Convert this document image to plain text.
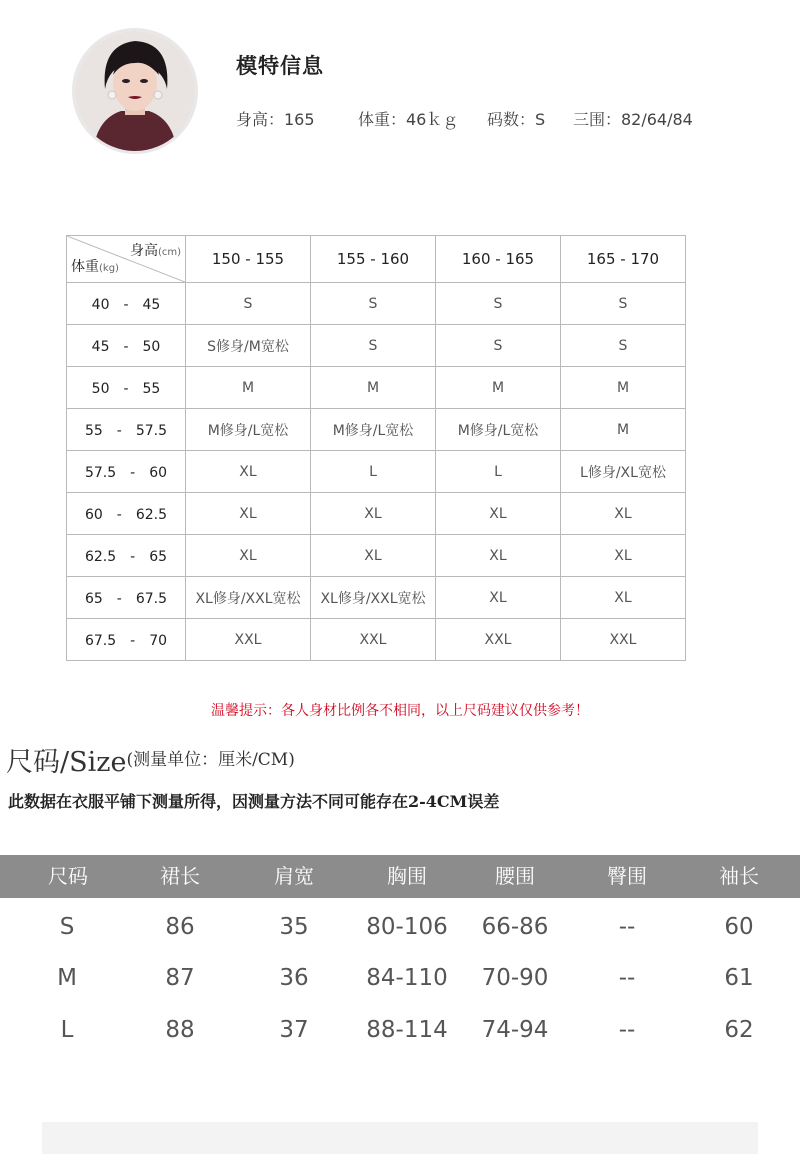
模特信息
身高：165	体重：46ｋｇ 码数：S 三围：82/64/84
身高(cm)
体重(kg)	150 - 155	155 - 160	160 - 165	165 - 170
40　-　45	S	S	S	S
45　-　50	S修身/M宽松	S	S	S
50　-　55	M	M	M	M
55　-　57.5	M修身/L宽松	M修身/L宽松	M修身/L宽松	M
57.5　-　60	XL	L	L	L修身/XL宽松
60　-　62.5	XL	XL	XL	XL
62.5　-　65	XL	XL	XL	XL
65　-　67.5	XL修身/XXL宽松	XL修身/XXL宽松	XL	XL
67.5　-　70	XXL	XXL	XXL	XXL
温馨提示：各人身材比例各不相同，以上尺码建议仅供参考！
尺码/Size(测量单位：厘米/CM)
此数据在衣服平铺下测量所得，因测量方法不同可能存在2-4CM误差
尺码	裙长	肩宽	胸围	腰围	臀围	袖长
S	86	35	80-106	66-86	--	60
M	87	36	84-110	70-90	--	61
L	88	37	88-114	74-94	--	62
